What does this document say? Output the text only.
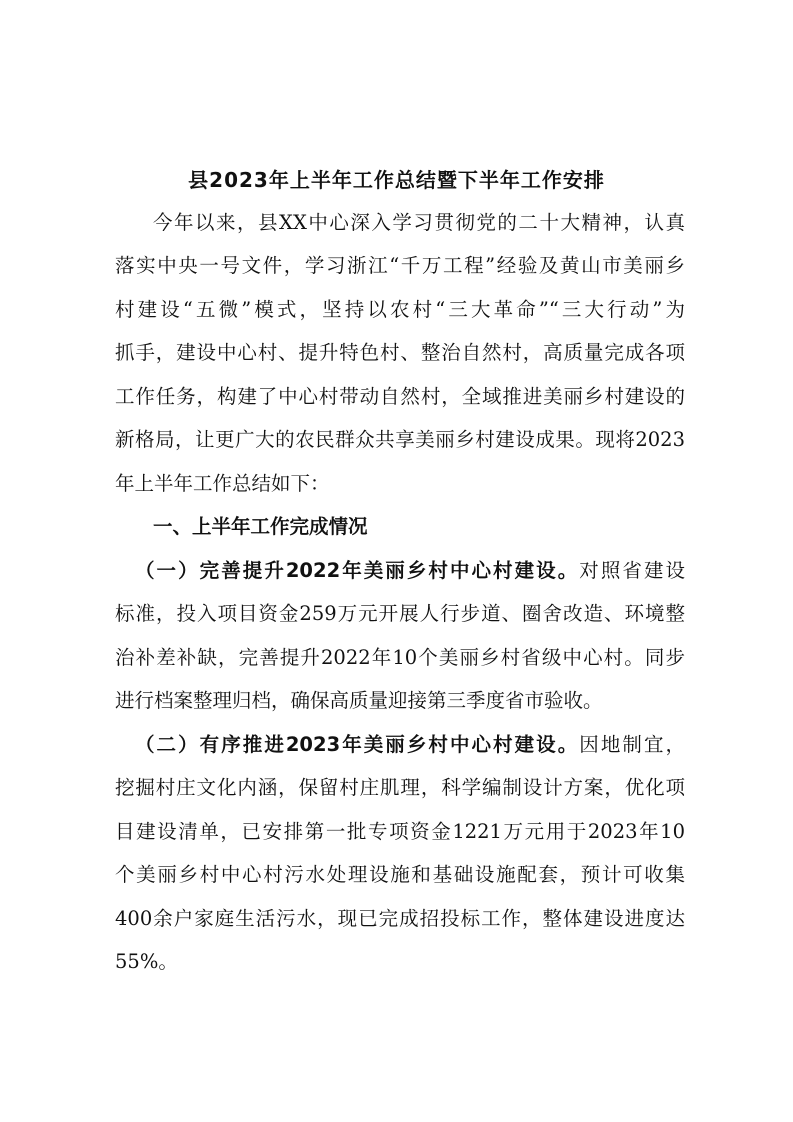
县2023年上半年工作总结暨下半年工作安排

今年以来，县XX中心深入学习贯彻党的二十大精神，认真

落实中央一号文件，学习浙江“千万工程”经验及黄山市美丽乡

村建设“五微”模式，坚持以农村“三大革命”“三大行动”为

抓手，建设中心村、提升特色村、整治自然村，高质量完成各项

工作任务，构建了中心村带动自然村，全域推进美丽乡村建设的

新格局，让更广大的农民群众共享美丽乡村建设成果。现将2023

年上半年工作总结如下：

一、上半年工作完成情况

（一）完善提升2022年美丽乡村中心村建设。对照省建设

标准，投入项目资金259万元开展人行步道、圈舍改造、环境整

治补差补缺，完善提升2022年10个美丽乡村省级中心村。同步

进行档案整理归档，确保高质量迎接第三季度省市验收。

（二）有序推进2023年美丽乡村中心村建设。因地制宜，

挖掘村庄文化内涵，保留村庄肌理，科学编制设计方案，优化项

目建设清单，已安排第一批专项资金1221万元用于2023年10

个美丽乡村中心村污水处理设施和基础设施配套，预计可收集

400余户家庭生活污水，现已完成招投标工作，整体建设进度达

55%。
